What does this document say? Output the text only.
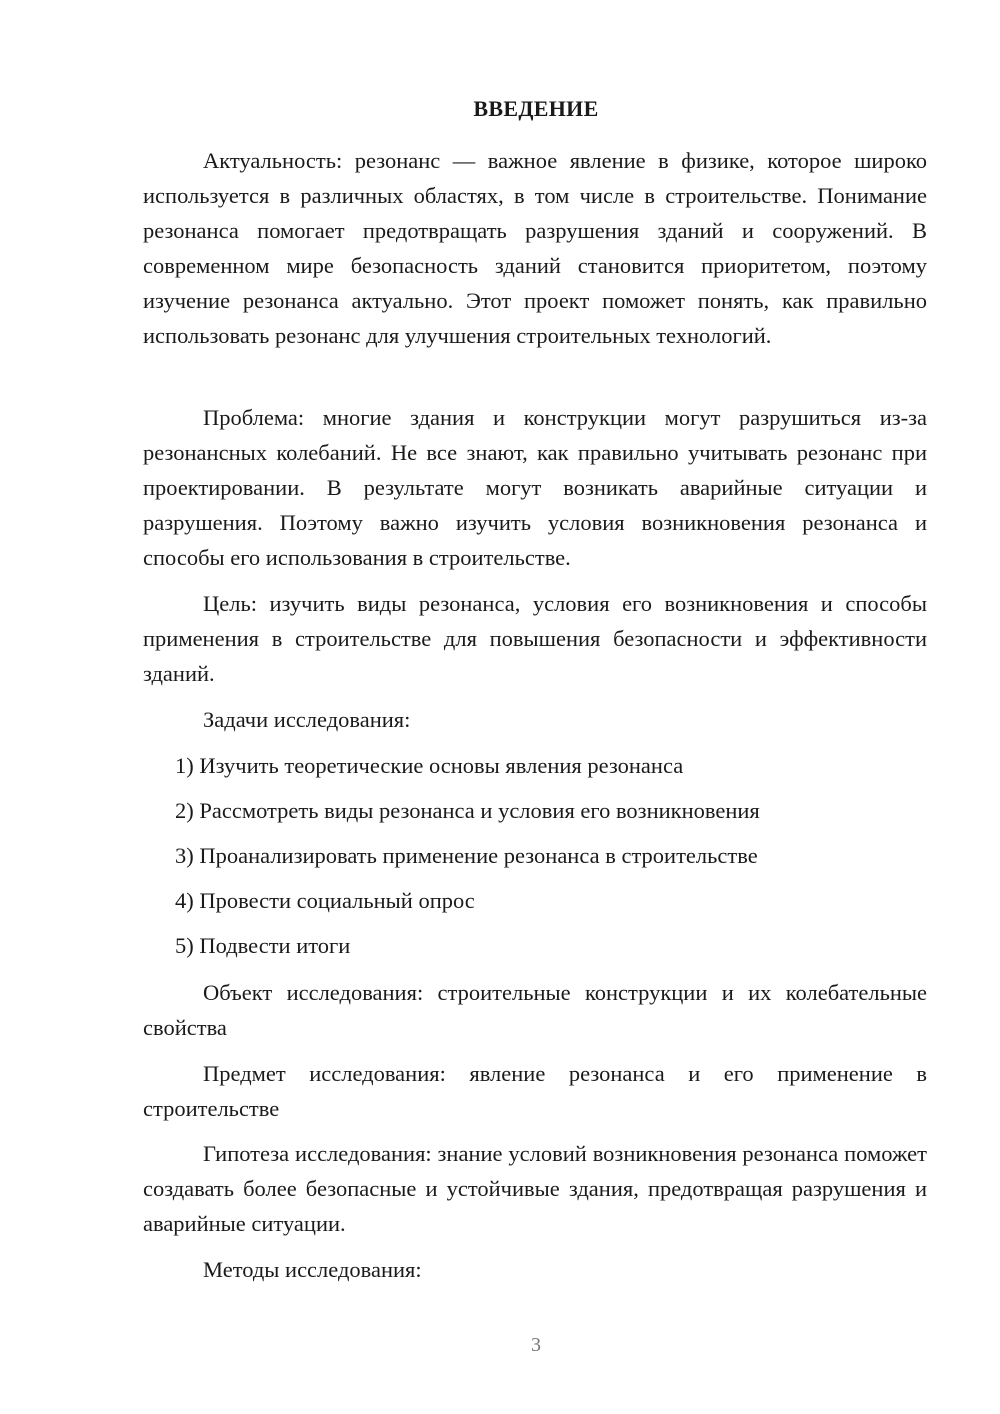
ВВЕДЕНИЕ

Актуальность: резонанс — важное явление в физике, которое широко используется в различных областях, в том числе в строительстве. Понимание резонанса помогает предотвращать разрушения зданий и сооружений. В современном мире безопасность зданий становится приоритетом, поэтому изучение резонанса актуально. Этот проект поможет понять, как правильно использовать резонанс для улучшения строительных технологий.

Проблема: многие здания и конструкции могут разрушиться из-за резонансных колебаний. Не все знают, как правильно учитывать резонанс при проектировании. В результате могут возникать аварийные ситуации и разрушения. Поэтому важно изучить условия возникновения резонанса и способы его использования в строительстве.

Цель: изучить виды резонанса, условия его возникновения и способы применения в строительстве для повышения безопасности и эффективности зданий.

Задачи исследования:
1) Изучить теоретические основы явления резонанса
2) Рассмотреть виды резонанса и условия его возникновения
3) Проанализировать применение резонанса в строительстве
4) Провести социальный опрос
5) Подвести итоги

Объект исследования: строительные конструкции и их колебательные свойства

Предмет исследования: явление резонанса и его применение в строительстве

Гипотеза исследования: знание условий возникновения резонанса поможет создавать более безопасные и устойчивые здания, предотвращая разрушения и аварийные ситуации.

Методы исследования:
3
